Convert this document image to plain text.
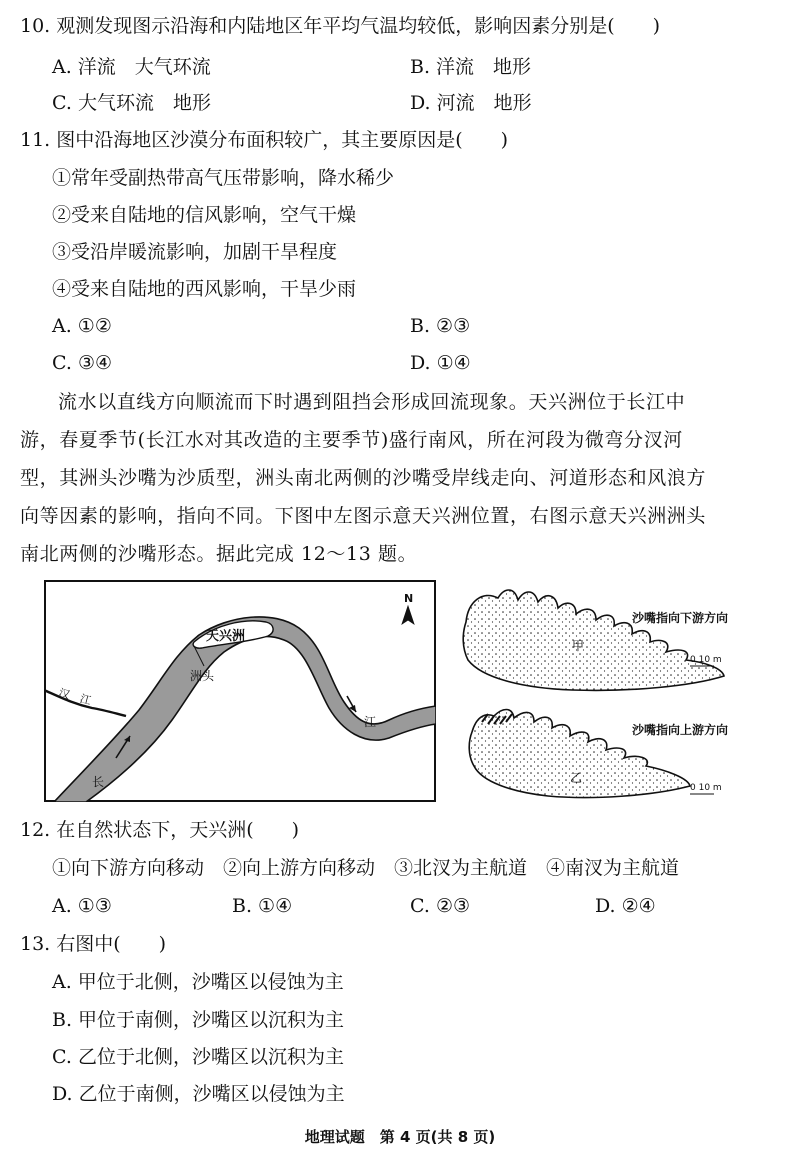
10. 观测发现图示沿海和内陆地区年平均气温均较低，影响因素分别是(　　)
A. 洋流　大气环流	B. 洋流　地形
C. 大气环流　地形	D. 河流　地形
11. 图中沿海地区沙漠分布面积较广，其主要原因是(　　)
①常年受副热带高气压带影响，降水稀少
②受来自陆地的信风影响，空气干燥
③受沿岸暖流影响，加剧干旱程度
④受来自陆地的西风影响，干旱少雨
A. ①②	B. ②③
C. ③④	D. ①④
流水以直线方向顺流而下时遇到阻挡会形成回流现象。天兴洲位于长江中
游，春夏季节(长江水对其改造的主要季节)盛行南风，所在河段为微弯分汊河
型，其洲头沙嘴为沙质型，洲头南北两侧的沙嘴受岸线走向、河道形态和风浪方
向等因素的影响，指向不同。下图中左图示意天兴洲位置，右图示意天兴洲洲头
南北两侧的沙嘴形态。据此完成 12～13 题。
天兴洲
洲头
汉　江
长
江
N
甲
沙嘴指向下游方向
0 10 m
乙
沙嘴指向上游方向
0 10 m
12. 在自然状态下，天兴洲(　　)
①向下游方向移动　②向上游方向移动　③北汊为主航道　④南汊为主航道
A. ①③	B. ①④	C. ②③	D. ②④
13. 右图中(　　)
A. 甲位于北侧，沙嘴区以侵蚀为主
B. 甲位于南侧，沙嘴区以沉积为主
C. 乙位于北侧，沙嘴区以沉积为主
D. 乙位于南侧，沙嘴区以侵蚀为主
地理试题　第 4 页(共 8 页)
